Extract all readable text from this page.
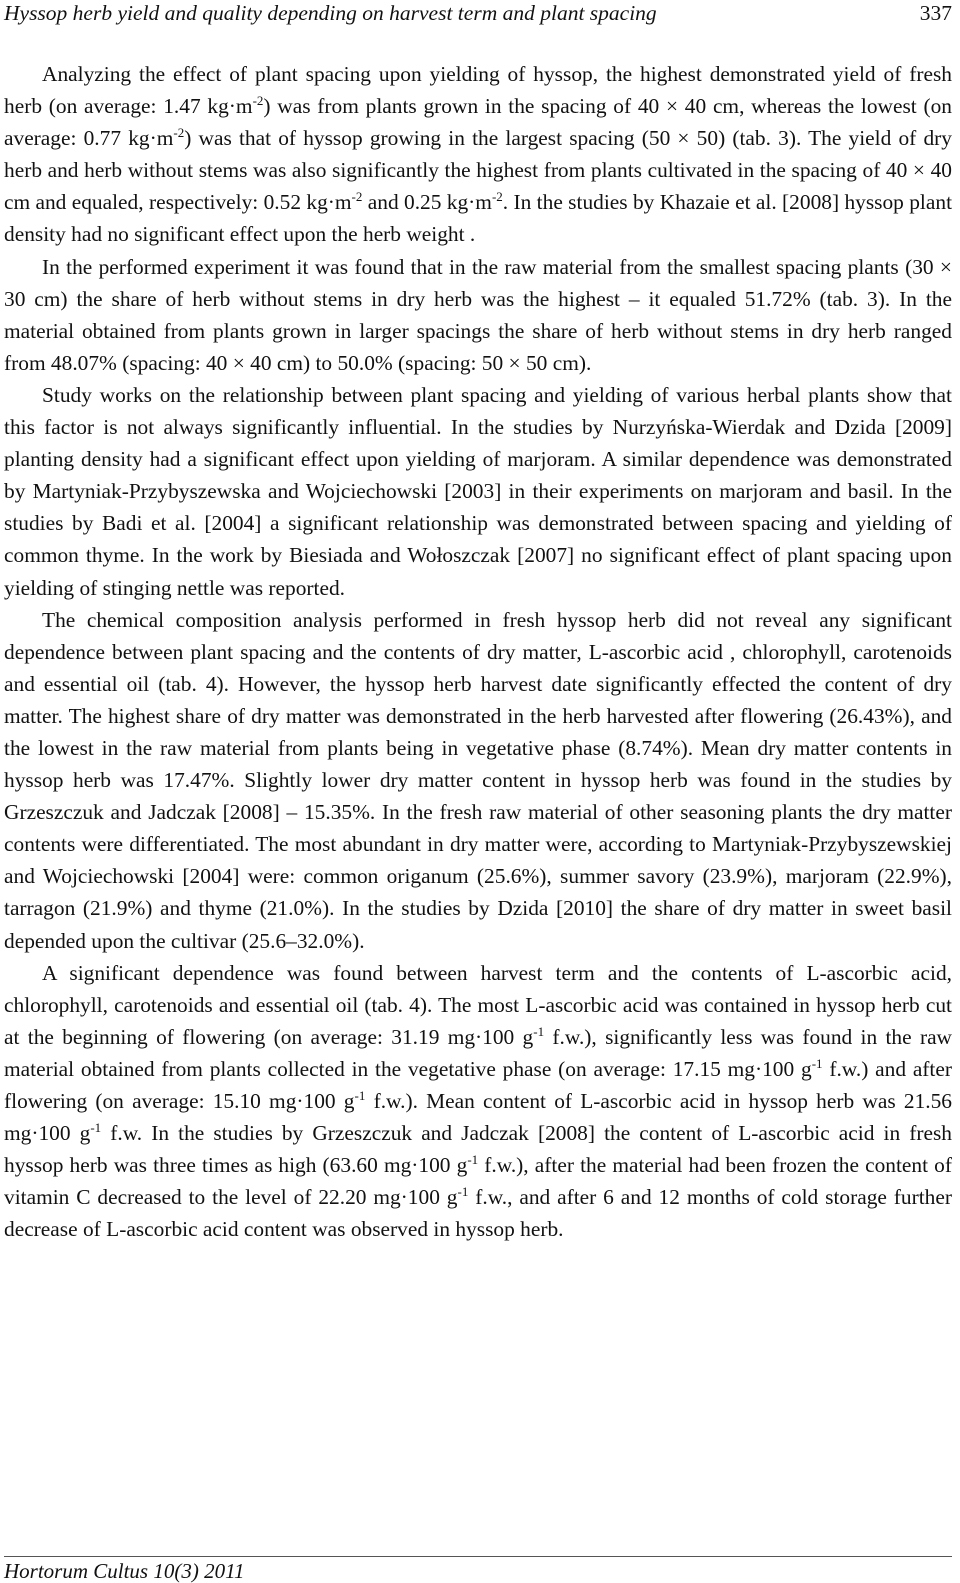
Hyssop herb yield and quality depending on harvest term and plant spacing	337

Analyzing the effect of plant spacing upon yielding of hyssop, the highest demonstrated yield of fresh herb (on average: 1.47 $kg\cdot m^{-2}$) was from plants grown in the spacing of 40 × 40 cm, whereas the lowest (on average: 0.77 $kg\cdot m^{-2}$) was that of hyssop growing in the largest spacing (50 × 50) (tab. 3). The yield of dry herb and herb without stems was also significantly the highest from plants cultivated in the spacing of 40 × 40 cm and equaled, respectively: 0.52 $kg\cdot m^{-2}$ and 0.25 $kg\cdot m^{-2}$. In the studies by Khazaie et al. [2008] hyssop plant density had no significant effect upon the herb weight .

In the performed experiment it was found that in the raw material from the smallest spacing plants (30 × 30 cm) the share of herb without stems in dry herb was the highest – it equaled 51.72% (tab. 3). In the material obtained from plants grown in larger spacings the share of herb without stems in dry herb ranged from 48.07% (spacing: 40 × 40 cm) to 50.0% (spacing: 50 × 50 cm).

Study works on the relationship between plant spacing and yielding of various herbal plants show that this factor is not always significantly influential. In the studies by Nurzyńska-Wierdak and Dzida [2009] planting density had a significant effect upon yielding of marjoram. A similar dependence was demonstrated by Martyniak-Przybyszewska and Wojciechowski [2003] in their experiments on marjoram and basil. In the studies by Badi et al. [2004] a significant relationship was demonstrated between spacing and yielding of common thyme. In the work by Biesiada and Wołoszczak [2007] no significant effect of plant spacing upon yielding of stinging nettle was reported.

The chemical composition analysis performed in fresh hyssop herb did not reveal any significant dependence between plant spacing and the contents of dry matter, L-ascorbic acid , chlorophyll, carotenoids and essential oil (tab. 4). However, the hyssop herb harvest date significantly effected the content of dry matter. The highest share of dry matter was demonstrated in the herb harvested after flowering (26.43%), and the lowest in the raw material from plants being in vegetative phase (8.74%). Mean dry matter contents in hyssop herb was 17.47%. Slightly lower dry matter content in hyssop herb was found in the studies by Grzeszczuk and Jadczak [2008] – 15.35%. In the fresh raw material of other seasoning plants the dry matter contents were differentiated. The most abundant in dry matter were, according to Martyniak-Przybyszewskiej and Wojciechowski [2004] were: common origanum (25.6%), summer savory (23.9%), marjoram (22.9%), tarragon (21.9%) and thyme (21.0%). In the studies by Dzida [2010] the share of dry matter in sweet basil depended upon the cultivar (25.6–32.0%).

A significant dependence was found between harvest term and the contents of L-ascorbic acid, chlorophyll, carotenoids and essential oil (tab. 4). The most L-ascorbic acid was contained in hyssop herb cut at the beginning of flowering (on average: 31.19 mg·100 $g^{-1}$ f.w.), significantly less was found in the raw material obtained from plants collected in the vegetative phase (on average: 17.15 mg·100 $g^{-1}$ f.w.) and after flowering (on average: 15.10 mg·100 $g^{-1}$ f.w.). Mean content of L-ascorbic acid in hyssop herb was 21.56 mg·100 $g^{-1}$ f.w. In the studies by Grzeszczuk and Jadczak [2008] the content of L-ascorbic acid in fresh hyssop herb was three times as high (63.60 mg·100 $g^{-1}$ f.w.), after the material had been frozen the content of vitamin C decreased to the level of 22.20 mg·100 $g^{-1}$ f.w., and after 6 and 12 months of cold storage further decrease of L-ascorbic acid content was observed in hyssop herb.

Hortorum Cultus 10(3) 2011
